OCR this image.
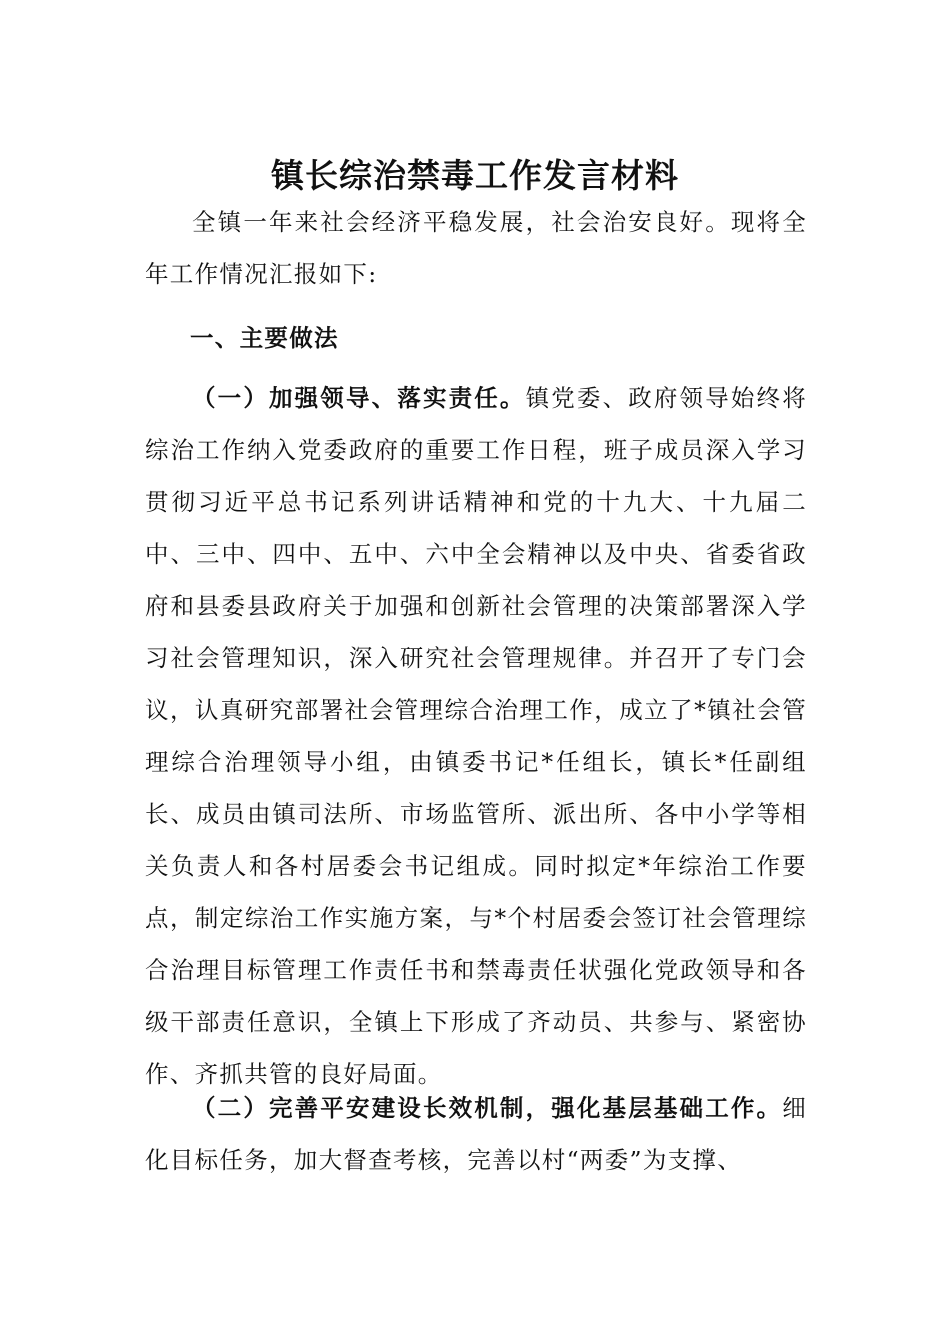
镇长综治禁毒工作发言材料

全镇一年来社会经济平稳发展，社会治安良好。现将全年工作情况汇报如下:

一、主要做法

（一）加强领导、落实责任。镇党委、政府领导始终将综治工作纳入党委政府的重要工作日程，班子成员深入学习贯彻习近平总书记系列讲话精神和党的十九大、十九届二中、三中、四中、五中、六中全会精神以及中央、省委省政府和县委县政府关于加强和创新社会管理的决策部署深入学习社会管理知识，深入研究社会管理规律。并召开了专门会议，认真研究部署社会管理综合治理工作，成立了*镇社会管理综合治理领导小组，由镇委书记*任组长，镇长*任副组长、成员由镇司法所、市场监管所、派出所、各中小学等相关负责人和各村居委会书记组成。同时拟定*年综治工作要点，制定综治工作实施方案，与*个村居委会签订社会管理综合治理目标管理工作责任书和禁毒责任状强化党政领导和各级干部责任意识，全镇上下形成了齐动员、共参与、紧密协作、齐抓共管的良好局面。

（二）完善平安建设长效机制，强化基层基础工作。细化目标任务，加大督查考核，完善以村“两委”为支撑、
